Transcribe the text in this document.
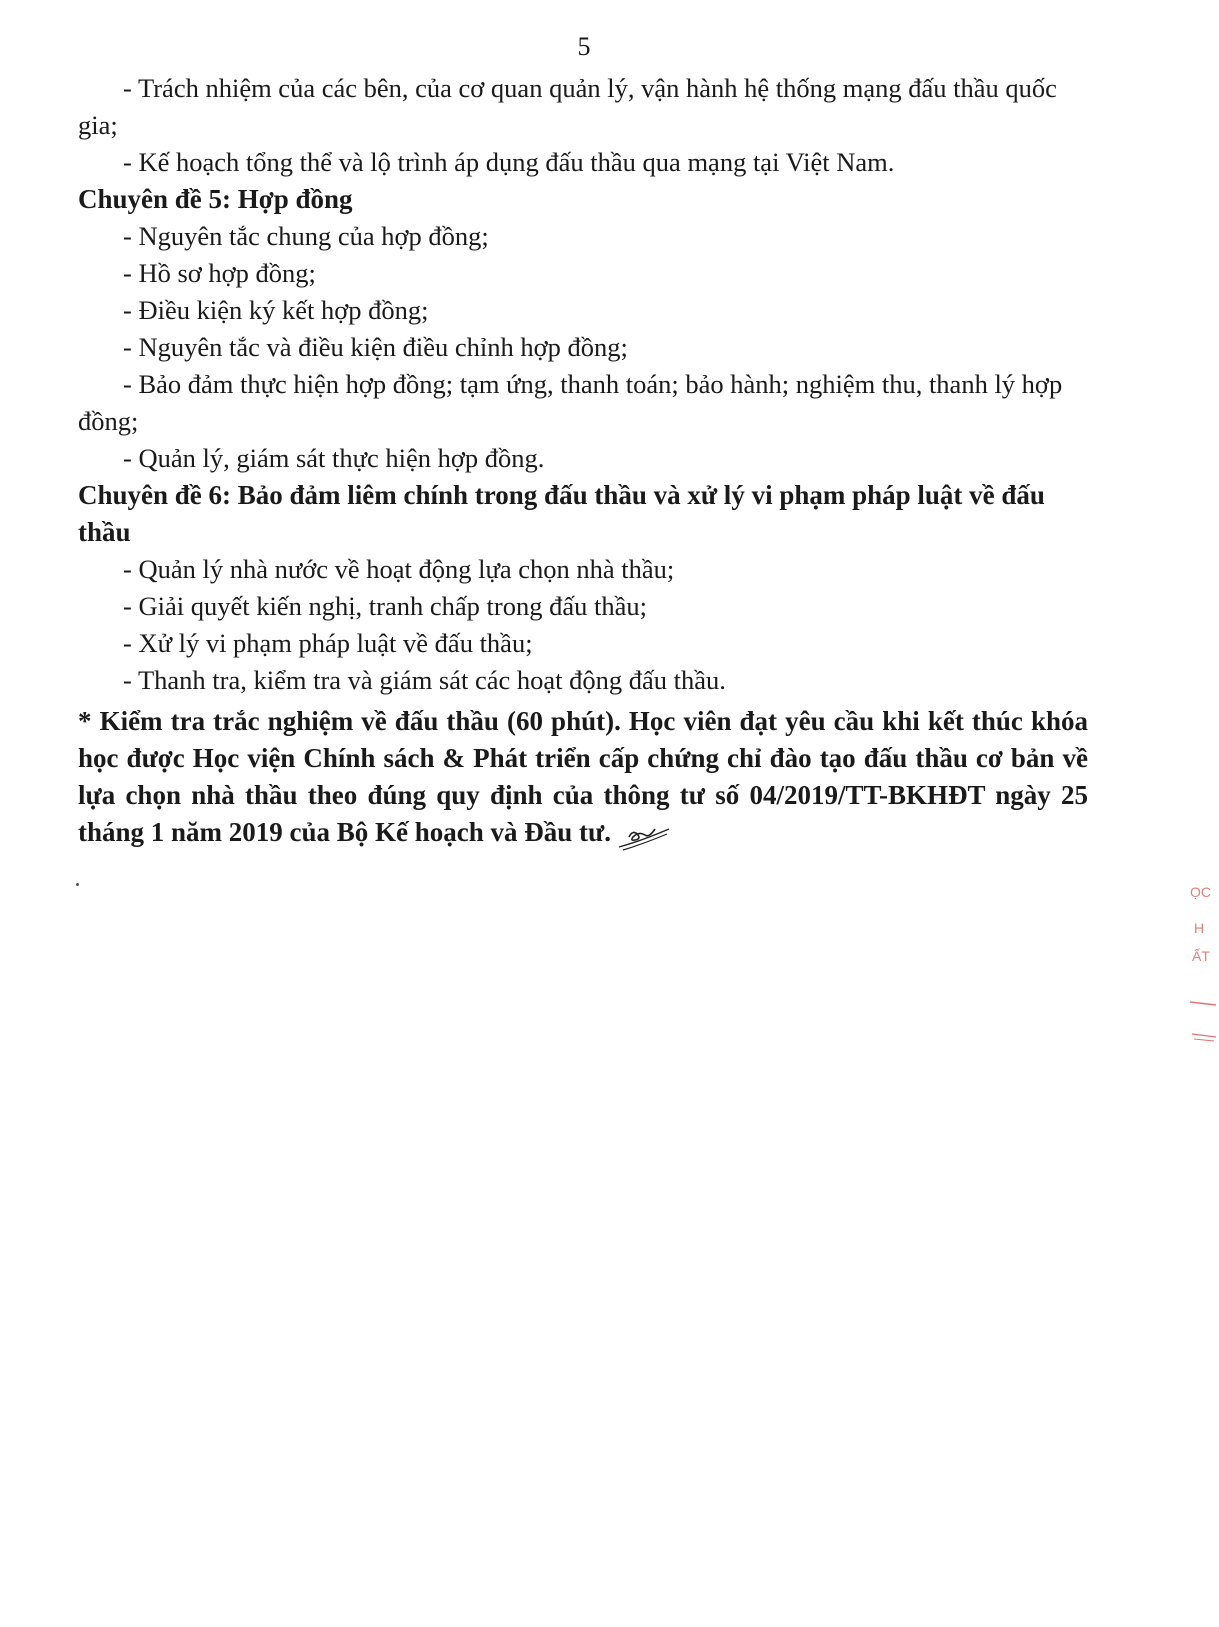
5

- Trách nhiệm của các bên, của cơ quan quản lý, vận hành hệ thống mạng đấu thầu quốc gia;

- Kế hoạch tổng thể và lộ trình áp dụng đấu thầu qua mạng tại Việt Nam.

Chuyên đề 5: Hợp đồng

- Nguyên tắc chung của hợp đồng;

- Hồ sơ hợp đồng;

- Điều kiện ký kết hợp đồng;

- Nguyên tắc và điều kiện điều chỉnh hợp đồng;

- Bảo đảm thực hiện hợp đồng; tạm ứng, thanh toán; bảo hành; nghiệm thu, thanh lý hợp đồng;

- Quản lý, giám sát thực hiện hợp đồng.

Chuyên đề 6: Bảo đảm liêm chính trong đấu thầu và xử lý vi phạm pháp luật về đấu thầu

- Quản lý nhà nước về hoạt động lựa chọn nhà thầu;

- Giải quyết kiến nghị, tranh chấp trong đấu thầu;

- Xử lý vi phạm pháp luật về đấu thầu;

- Thanh tra, kiểm tra và giám sát các hoạt động đấu thầu.

* Kiểm tra trắc nghiệm về đấu thầu (60 phút). Học viên đạt yêu cầu khi kết thúc khóa học được Học viện Chính sách & Phát triển cấp chứng chỉ đào tạo đấu thầu cơ bản về lựa chọn nhà thầu theo đúng quy định của thông tư số 04/2019/TT-BKHĐT ngày 25 tháng 1 năm 2019 của Bộ Kế hoạch và Đầu tư.

ỌC
H
ẤT
